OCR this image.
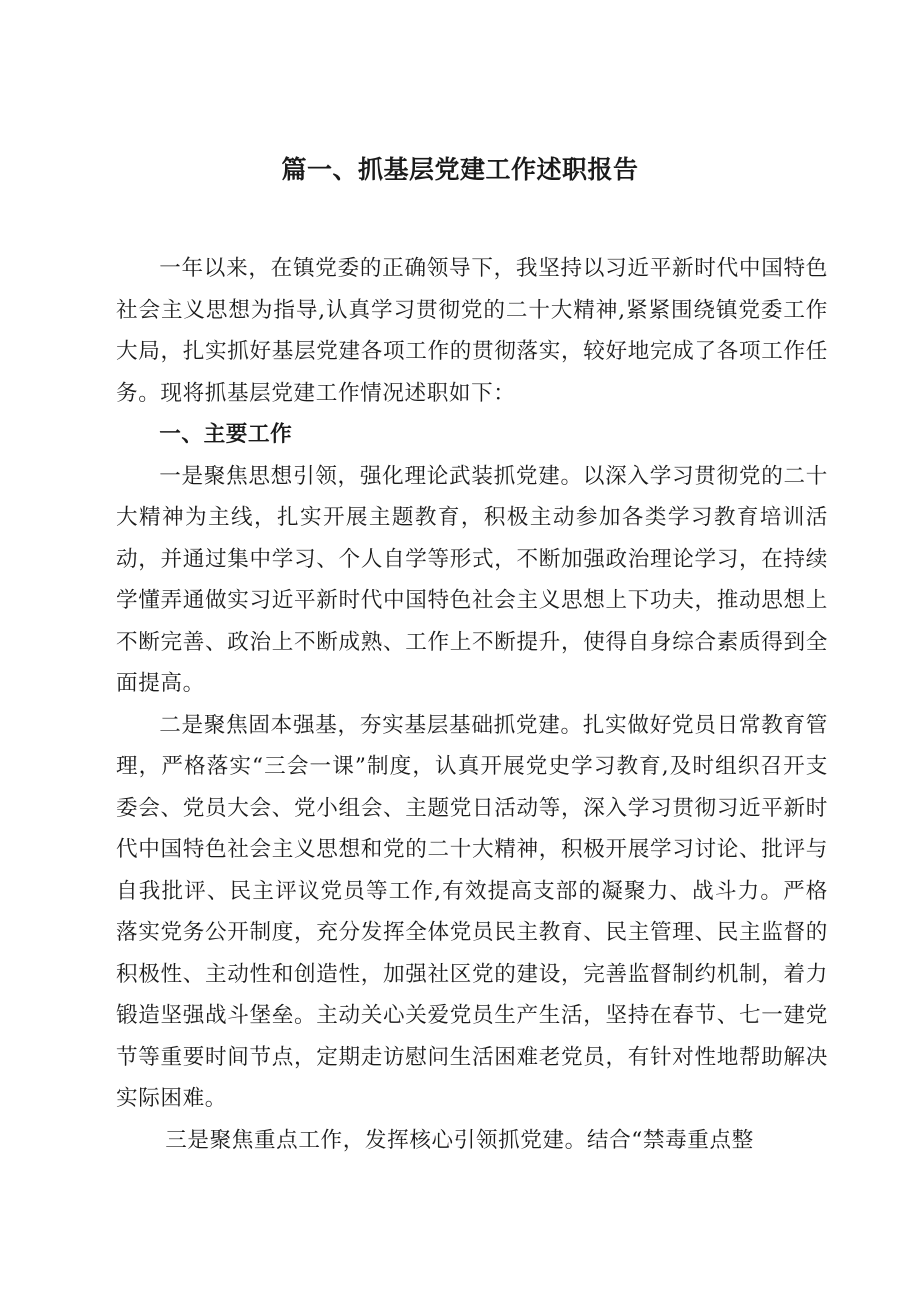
篇一、抓基层党建工作述职报告

一年以来，在镇党委的正确领导下，我坚持以习近平新时代中国特色社会主义思想为指导,认真学习贯彻党的二十大精神,紧紧围绕镇党委工作大局，扎实抓好基层党建各项工作的贯彻落实，较好地完成了各项工作任务。现将抓基层党建工作情况述职如下：

一、主要工作

一是聚焦思想引领，强化理论武装抓党建。以深入学习贯彻党的二十大精神为主线，扎实开展主题教育，积极主动参加各类学习教育培训活动，并通过集中学习、个人自学等形式，不断加强政治理论学习，在持续学懂弄通做实习近平新时代中国特色社会主义思想上下功夫，推动思想上不断完善、政治上不断成熟、工作上不断提升，使得自身综合素质得到全面提高。

二是聚焦固本强基，夯实基层基础抓党建。扎实做好党员日常教育管理，严格落实“三会一课”制度，认真开展党史学习教育,及时组织召开支委会、党员大会、党小组会、主题党日活动等，深入学习贯彻习近平新时代中国特色社会主义思想和党的二十大精神，积极开展学习讨论、批评与自我批评、民主评议党员等工作,有效提高支部的凝聚力、战斗力。严格落实党务公开制度，充分发挥全体党员民主教育、民主管理、民主监督的积极性、主动性和创造性，加强社区党的建设，完善监督制约机制，着力锻造坚强战斗堡垒。主动关心关爱党员生产生活，坚持在春节、七一建党节等重要时间节点，定期走访慰问生活困难老党员，有针对性地帮助解决实际困难。

三是聚焦重点工作，发挥核心引领抓党建。结合“禁毒重点整
